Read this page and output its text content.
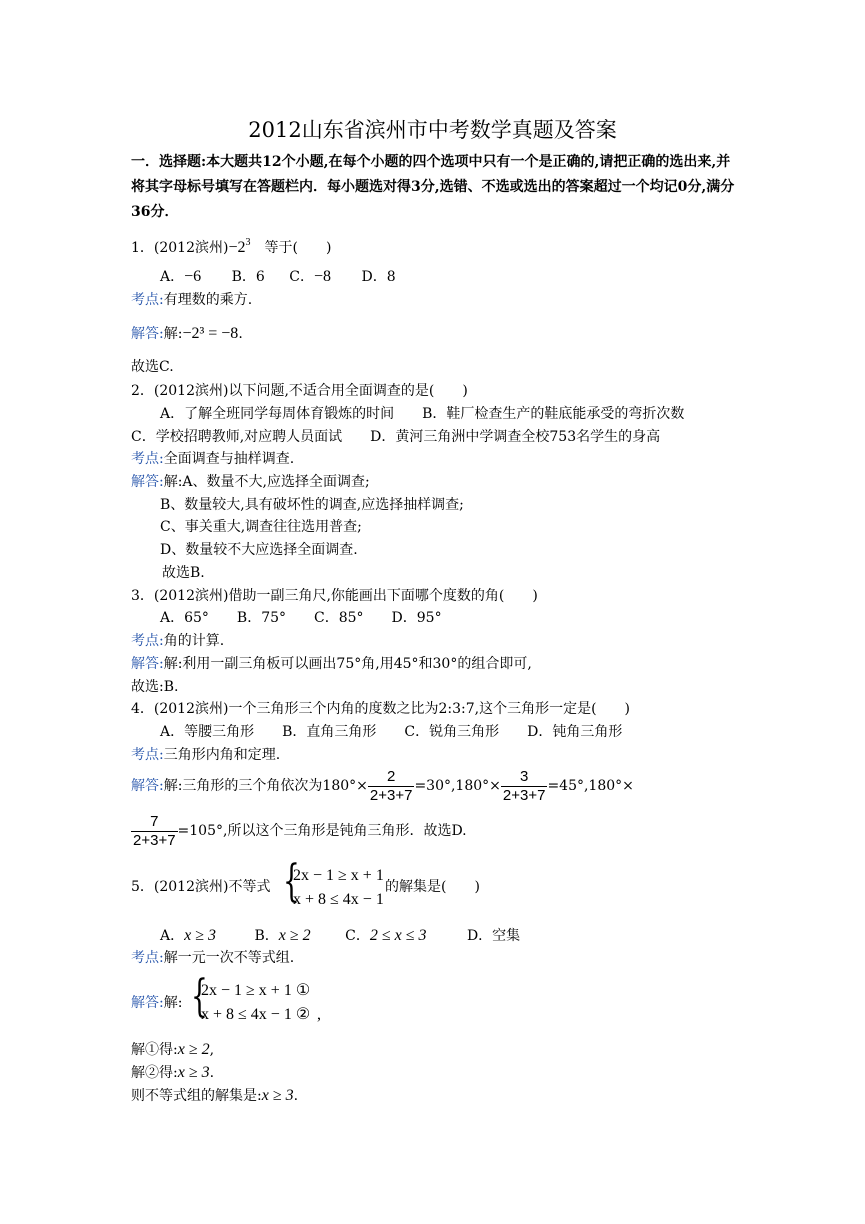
2012山东省滨州市中考数学真题及答案
一．选择题:本大题共12个小题,在每个小题的四个选项中只有一个是正确的,请把正确的选出来,并将其字母标号填写在答题栏内．每小题选对得3分,选错、不选或选出的答案超过一个均记0分,满分36分．
1．(2012滨州)$-2^3$　 等于(　　)
A．−6 B．6 C．−8 D．8
考点:有理数的乘方.
解答:解:−2³ = −8.
故选C.
2．(2012滨州)以下问题,不适合用全面调查的是(　　)
A．了解全班同学每周体育锻炼的时间　　B．鞋厂检查生产的鞋底能承受的弯折次数
C．学校招聘教师,对应聘人员面试　　D．黄河三角洲中学调查全校753名学生的身高
考点:全面调查与抽样调查.
解答:解:A、数量不大,应选择全面调查;
B、数量较大,具有破坏性的调查,应选择抽样调查;
C、事关重大,调查往往选用普查;
D、数量较不大应选择全面调查.
故选B.
3．(2012滨州)借助一副三角尺,你能画出下面哪个度数的角(　　)
A．65°　　B．75°　　C．85°　　D．95°
考点:角的计算.
解答:解:利用一副三角板可以画出75°角,用45°和30°的组合即可,
故选:B.
4．(2012滨州)一个三角形三个内角的度数之比为2:3:7,这个三角形一定是(　　)
A．等腰三角形　　B．直角三角形　　C．锐角三角形　　D．钝角三角形
考点:三角形内角和定理.
解答:解:三角形的三个角依次为$180^\circ\times \frac{2}{2+3+7} =30^\circ,180^\circ\times \frac{3}{2+3+7} =45^\circ,180^\circ\times$
$\frac{7}{2+3+7} =105^\circ$,所以这个三角形是钝角三角形．故选D.
5．(2012滨州)不等式 {
2x − 1 ≥ x + 1
x + 8 ≤ 4x − 1
的解集是(　　)
A．x ≥ 3	B．x ≥ 2 C．2 ≤ x ≤ 3	D．空集
考点:解一元一次不等式组.
解答:解: {
2x − 1 ≥ x + 1 ①
x + 8 ≤ 4x − 1 ② ,
解①得:x ≥ 2,
解②得:x ≥ 3.
则不等式组的解集是:x ≥ 3.
